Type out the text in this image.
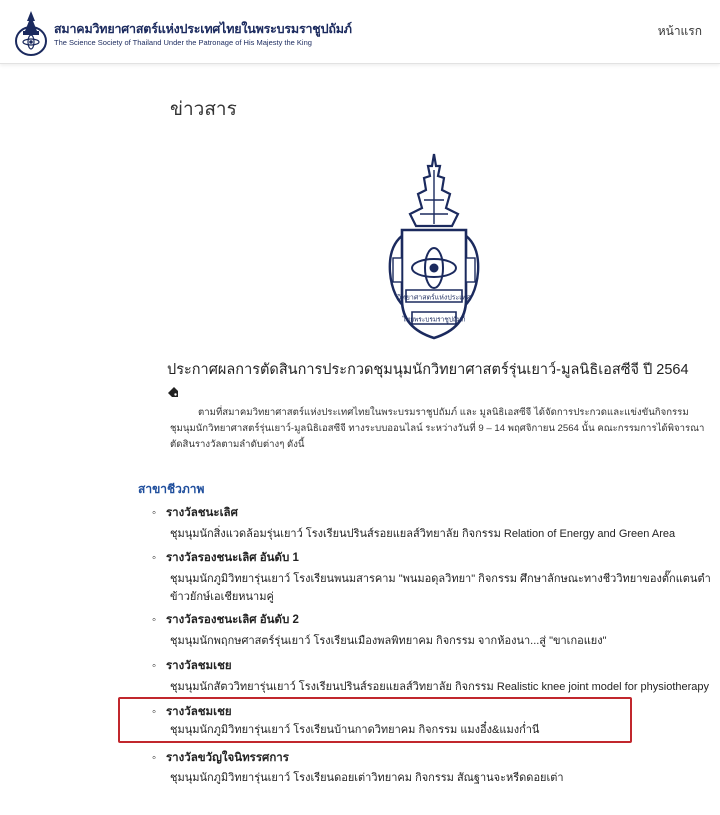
สมาคมวิทยาศาสตร์แห่งประเทศไทยในพระบรมราชูปถัมภ์
The Science Society of Thailand Under the Patronage of His Majesty the King
หน้าแรก
ข่าวสาร
วิทยาศาสตร์แห่งประเทศ
ไทยพระบรมราชูปถัมภ์
ประกาศผลการตัดสินการประกวดชุมนุมนักวิทยาศาสตร์รุ่นเยาว์-มูลนิธิเอสซีจี ปี 2564

ตามที่สมาคมวิทยาศาสตร์แห่งประเทศไทยในพระบรมราชูปถัมภ์ และ มูลนิธิเอสซีจี ได้จัดการประกวดและแข่งขันกิจกรรม ชุมนุมนักวิทยาศาสตร์รุ่นเยาว์-มูลนิธิเอสซีจี ทางระบบออนไลน์ ระหว่างวันที่ 9 – 14 พฤศจิกายน 2564 นั้น คณะกรรมการได้พิจารณา ตัดสินรางวัลตามลำดับต่างๆ ดังนี้

สาขาชีวภาพ
◦ รางวัลชนะเลิศ
ชุมนุมนักสิ่งแวดล้อมรุ่นเยาว์ โรงเรียนปรินส์รอยแยลส์วิทยาลัย กิจกรรม Relation of Energy and Green Area
◦ รางวัลรองชนะเลิศ อันดับ 1
ชุมนุมนักภูมิวิทยารุ่นเยาว์ โรงเรียนพนมสารคาม "พนมอดุลวิทยา" กิจกรรม ศึกษาลักษณะทางชีววิทยาของตั๊กแตนตำข้าวยักษ์เอเชียหนามคู่
◦ รางวัลรองชนะเลิศ อันดับ 2
ชุมนุมนักพฤกษศาสตร์รุ่นเยาว์ โรงเรียนเมืองพลพิทยาคม กิจกรรม จากห้องนา...สู่ "ขาเกอแยง"
◦ รางวัลชมเชย
ชุมนุมนักสัตววิทยารุ่นเยาว์ โรงเรียนปรินส์รอยแยลส์วิทยาลัย กิจกรรม Realistic knee joint model for physiotherapy
◦ รางวัลชมเชย
ชุมนุมนักภูมิวิทยารุ่นเยาว์ โรงเรียนบ้านกาดวิทยาคม กิจกรรม แมงอี๋ง&แมงก่ำนี
◦ รางวัลขวัญใจนิทรรศการ
ชุมนุมนักภูมิวิทยารุ่นเยาว์ โรงเรียนดอยเต่าวิทยาคม กิจกรรม สัณฐานจะหรีดดอยเต่า
